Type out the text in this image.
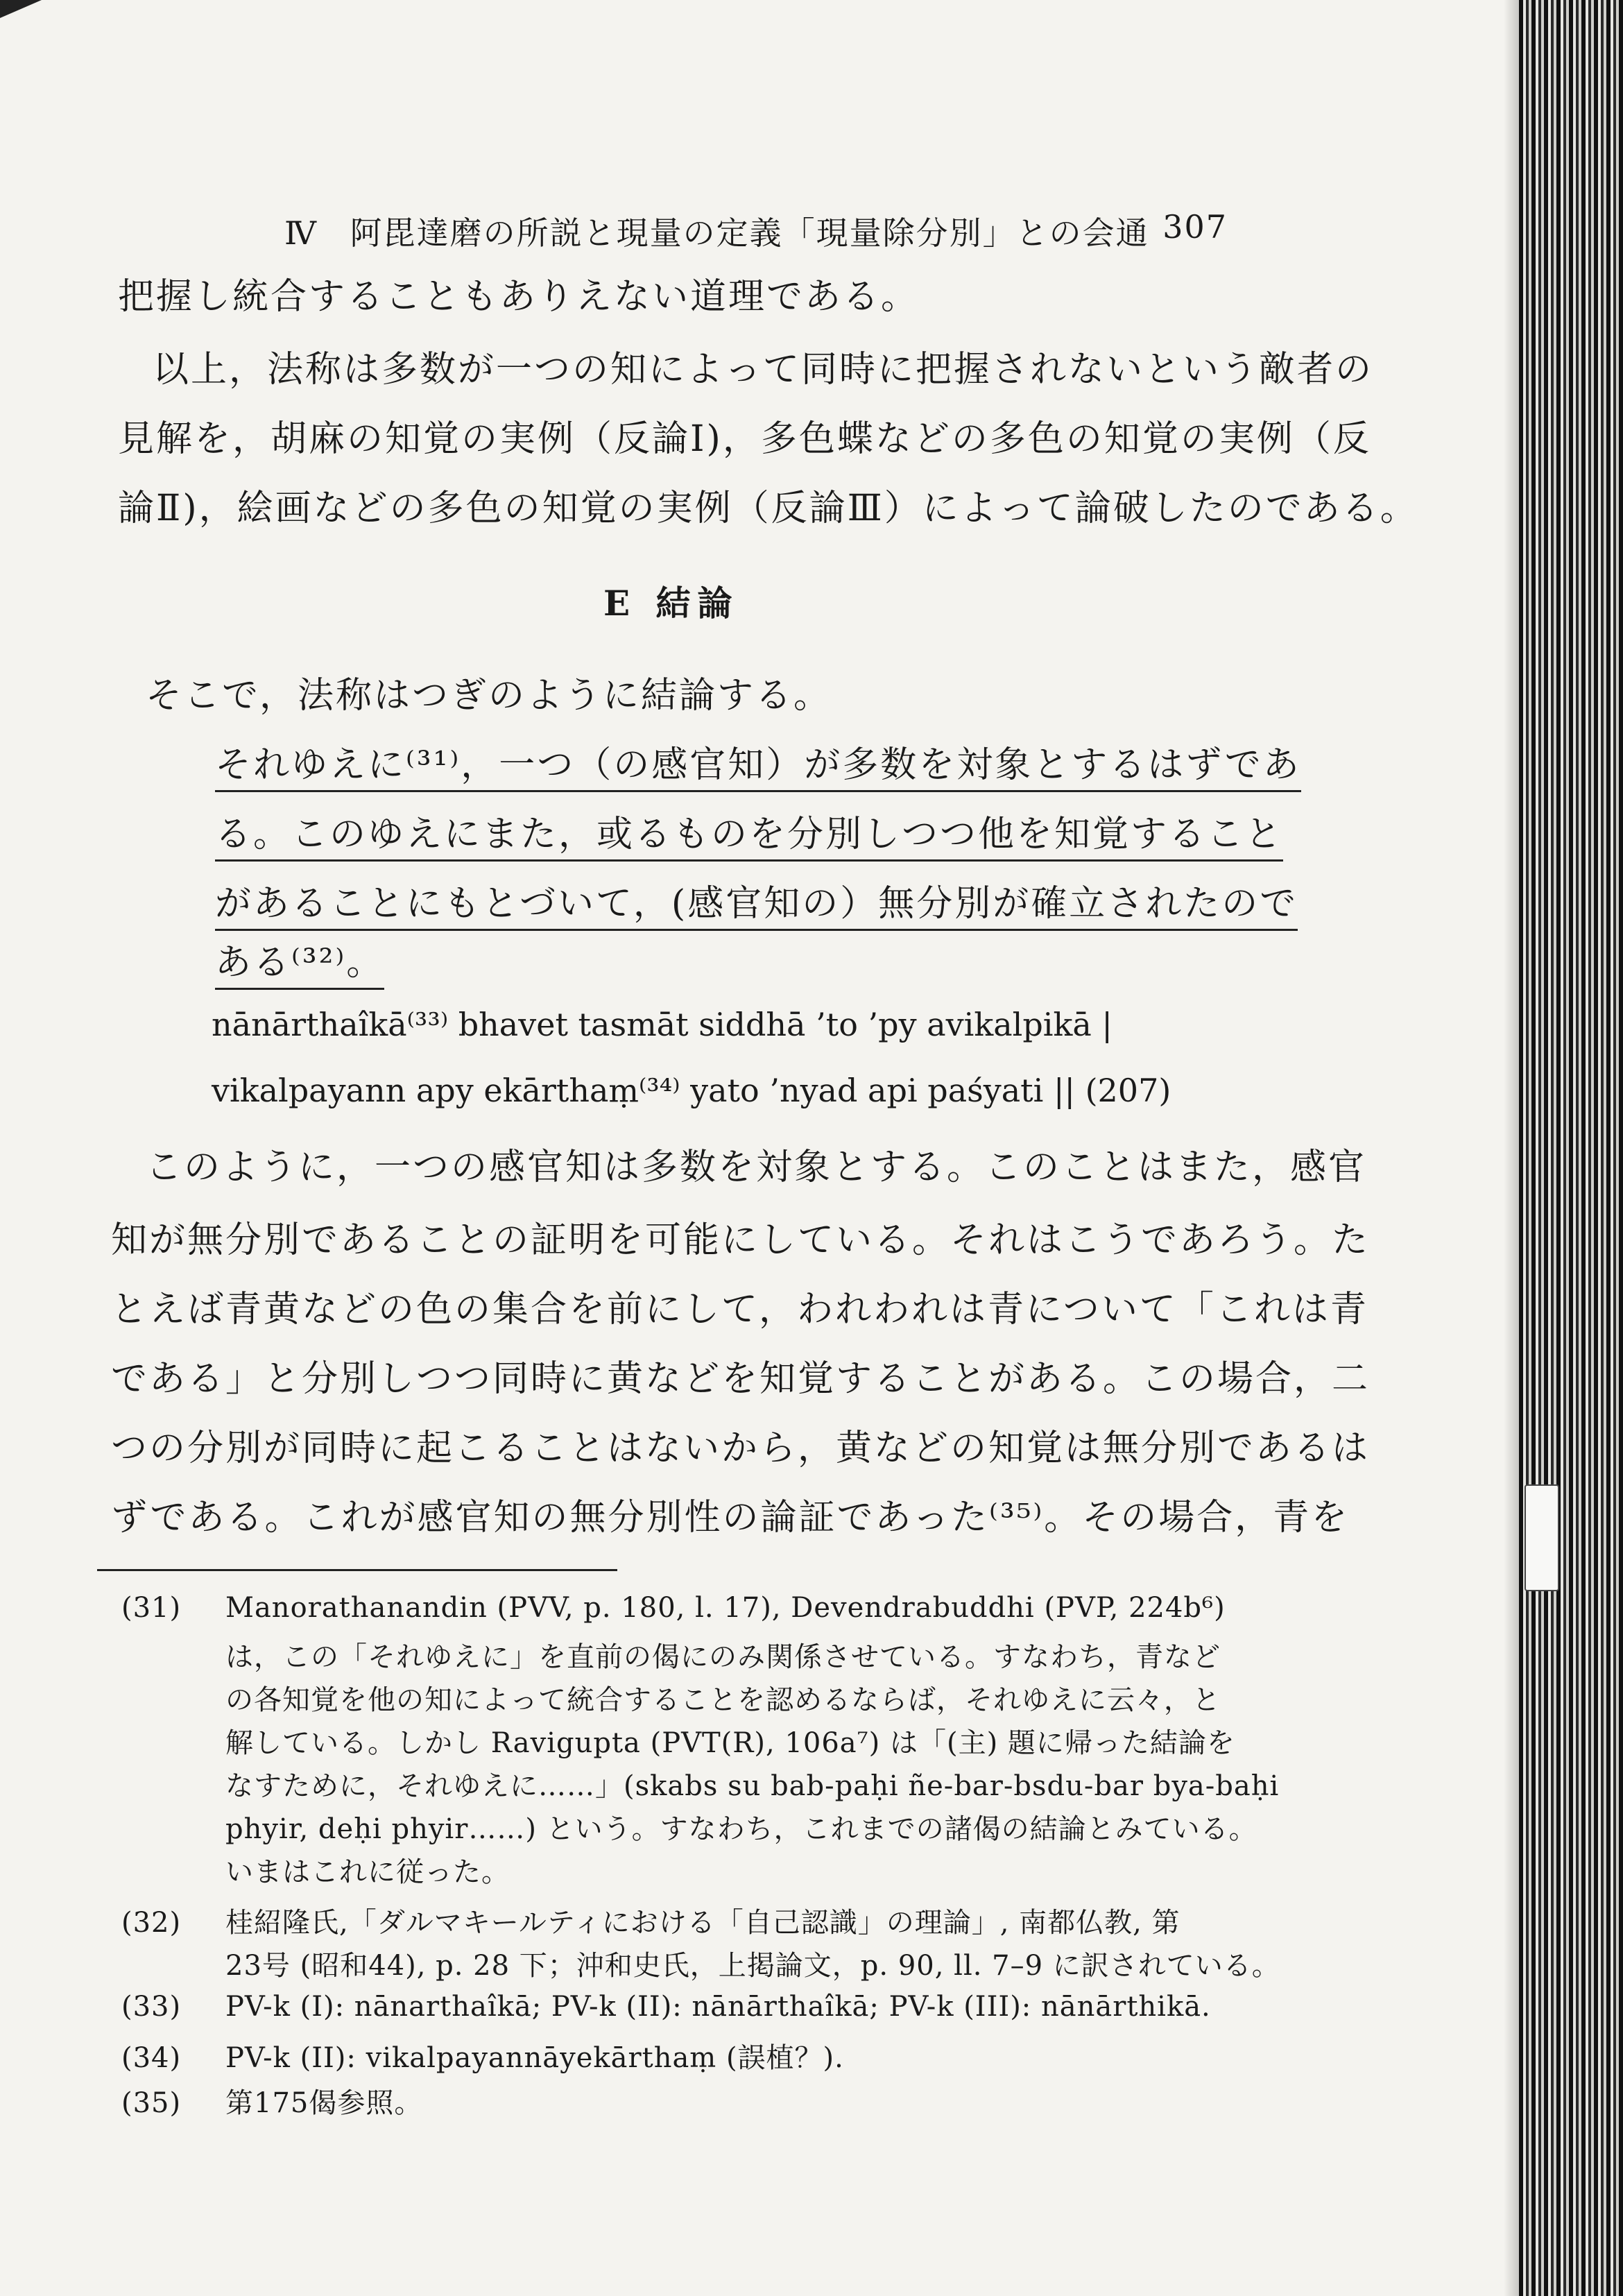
Ⅳ 阿毘達磨の所説と現量の定義「現量除分別」との会通 307
把握し統合することもありえない道理である。
以上，法称は多数が一つの知によって同時に把握されないという敵者の
見解を，胡麻の知覚の実例（反論Ⅰ)，多色蝶などの多色の知覚の実例（反
論Ⅱ)，絵画などの多色の知覚の実例（反論Ⅲ）によって論破したのである。
E 結論
そこで，法称はつぎのように結論する。
それゆえに⁽³¹⁾，一つ（の感官知）が多数を対象とするはずであ
る。このゆえにまた，或るものを分別しつつ他を知覚すること
があることにもとづいて，(感官知の）無分別が確立されたので
ある⁽³²⁾。
nānārthaîkā⁽³³⁾ bhavet tasmāt siddhā ’to ’py avikalpikā |
vikalpayann apy ekārthaṃ⁽³⁴⁾ yato ’nyad api paśyati || (207)
このように，一つの感官知は多数を対象とする。このことはまた，感官
知が無分別であることの証明を可能にしている。それはこうであろう。た
とえば青黄などの色の集合を前にして，われわれは青について「これは青
である」と分別しつつ同時に黄などを知覚することがある。この場合，二
つの分別が同時に起こることはないから，黄などの知覚は無分別であるは
ずである。これが感官知の無分別性の論証であった⁽³⁵⁾。その場合，青を
(31) Manorathanandin (PVV, p. 180, l. 17), Devendrabuddhi (PVP, 224b⁶)
は，この「それゆえに」を直前の偈にのみ関係させている。すなわち，青など
の各知覚を他の知によって統合することを認めるならば，それゆえに云々，と
解している。しかし Ravigupta (PVT(R), 106a⁷) は「(主) 題に帰った結論を
なすために，それゆえに……」(skabs su bab-paḥi ñe-bar-bsdu-bar bya-baḥi
phyir, deḥi phyir……) という。すなわち，これまでの諸偈の結論とみている。
いまはこれに従った。
(32) 桂紹隆氏,「ダルマキールティにおける「自己認識」の理論」, 南都仏教, 第
23号 (昭和44), p. 28 下；沖和史氏，上掲論文，p. 90, ll. 7–9 に訳されている。
(33) PV-k (I): nānarthaîkā; PV-k (II): nānārthaîkā; PV-k (III): nānārthikā.
(34) PV-k (II): vikalpayannāyekārthaṃ (誤植？).
(35) 第175偈参照。
